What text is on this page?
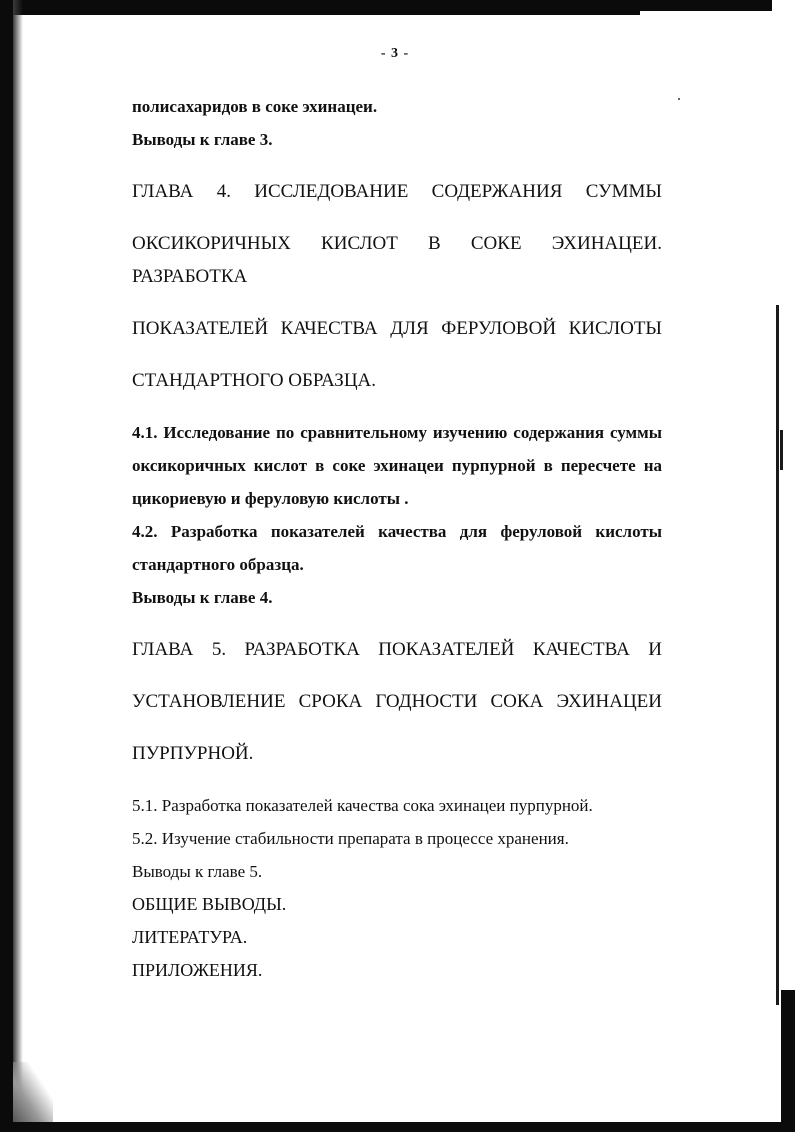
- 3 -

полисахаридов в соке эхинацеи.

Выводы к главе 3.

ГЛАВА 4. ИССЛЕДОВАНИЕ СОДЕРЖАНИЯ СУММЫ

ОКСИКОРИЧНЫХ КИСЛОТ В СОКЕ ЭХИНАЦЕИ. РАЗРАБОТКА

ПОКАЗАТЕЛЕЙ КАЧЕСТВА ДЛЯ ФЕРУЛОВОЙ КИСЛОТЫ

СТАНДАРТНОГО ОБРАЗЦА.

4.1. Исследование по сравнительному изучению содержания суммы

оксикоричных кислот в соке эхинацеи пурпурной в пересчете на

цикориевую и феруловую кислоты .

4.2. Разработка показателей качества для феруловой кислоты

стандартного образца.

Выводы к главе 4.

ГЛАВА 5. РАЗРАБОТКА ПОКАЗАТЕЛЕЙ КАЧЕСТВА И

УСТАНОВЛЕНИЕ СРОКА ГОДНОСТИ СОКА ЭХИНАЦЕИ

ПУРПУРНОЙ.

5.1. Разработка показателей качества сока эхинацеи пурпурной.

5.2. Изучение стабильности препарата в процессе хранения.

Выводы к главе 5.

ОБЩИЕ ВЫВОДЫ.

ЛИТЕРАТУРА.

ПРИЛОЖЕНИЯ.
